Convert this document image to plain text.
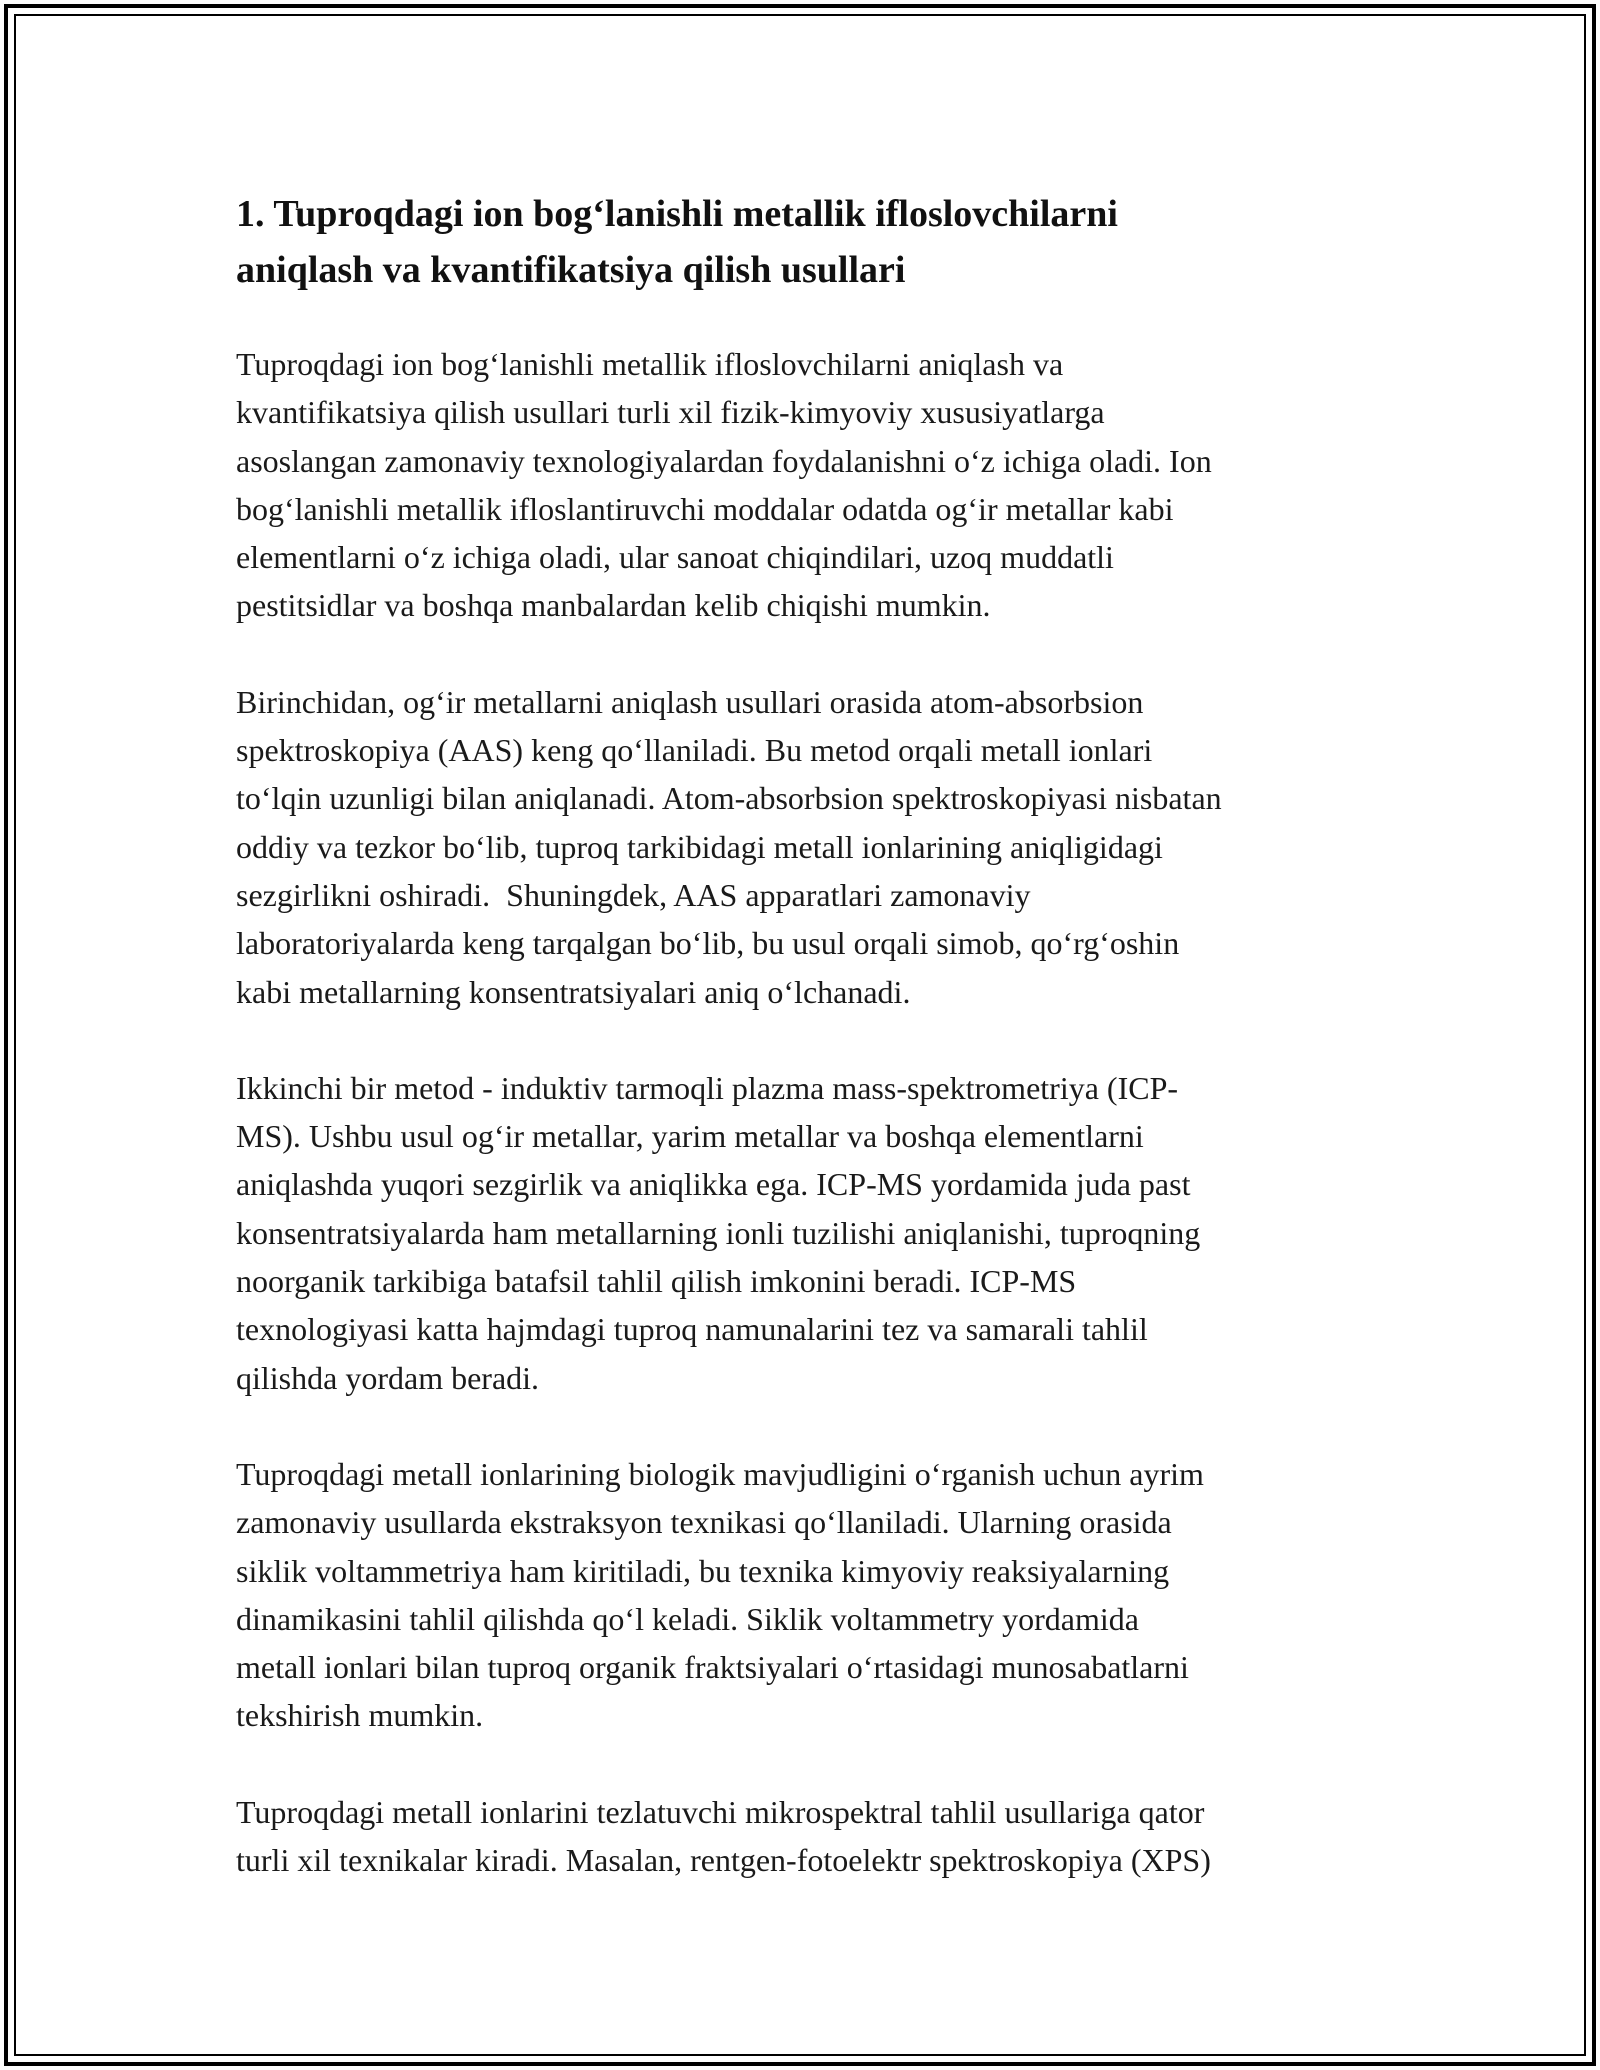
1. Tuproqdagi ion bog‘lanishli metallik ifloslovchilarni
aniqlash va kvantifikatsiya qilish usullari
Tuproqdagi ion bog‘lanishli metallik ifloslovchilarni aniqlash va
kvantifikatsiya qilish usullari turli xil fizik-kimyoviy xususiyatlarga
asoslangan zamonaviy texnologiyalardan foydalanishni o‘z ichiga oladi. Ion
bog‘lanishli metallik ifloslantiruvchi moddalar odatda og‘ir metallar kabi
elementlarni o‘z ichiga oladi, ular sanoat chiqindilari, uzoq muddatli
pestitsidlar va boshqa manbalardan kelib chiqishi mumkin.
Birinchidan, og‘ir metallarni aniqlash usullari orasida atom-absorbsion
spektroskopiya (AAS) keng qo‘llaniladi. Bu metod orqali metall ionlari
to‘lqin uzunligi bilan aniqlanadi. Atom-absorbsion spektroskopiyasi nisbatan
oddiy va tezkor bo‘lib, tuproq tarkibidagi metall ionlarining aniqligidagi
sezgirlikni oshiradi.  Shuningdek, AAS apparatlari zamonaviy
laboratoriyalarda keng tarqalgan bo‘lib, bu usul orqali simob, qo‘rg‘oshin
kabi metallarning konsentratsiyalari aniq o‘lchanadi.
Ikkinchi bir metod - induktiv tarmoqli plazma mass-spektrometriya (ICP-
MS). Ushbu usul og‘ir metallar, yarim metallar va boshqa elementlarni
aniqlashda yuqori sezgirlik va aniqlikka ega. ICP-MS yordamida juda past
konsentratsiyalarda ham metallarning ionli tuzilishi aniqlanishi, tuproqning
noorganik tarkibiga batafsil tahlil qilish imkonini beradi. ICP-MS
texnologiyasi katta hajmdagi tuproq namunalarini tez va samarali tahlil
qilishda yordam beradi.
Tuproqdagi metall ionlarining biologik mavjudligini o‘rganish uchun ayrim
zamonaviy usullarda ekstraksyon texnikasi qo‘llaniladi. Ularning orasida
siklik voltammetriya ham kiritiladi, bu texnika kimyoviy reaksiyalarning
dinamikasini tahlil qilishda qo‘l keladi. Siklik voltammetry yordamida
metall ionlari bilan tuproq organik fraktsiyalari o‘rtasidagi munosabatlarni
tekshirish mumkin.
Tuproqdagi metall ionlarini tezlatuvchi mikrospektral tahlil usullariga qator
turli xil texnikalar kiradi. Masalan, rentgen-fotoelektr spektroskopiya (XPS)
